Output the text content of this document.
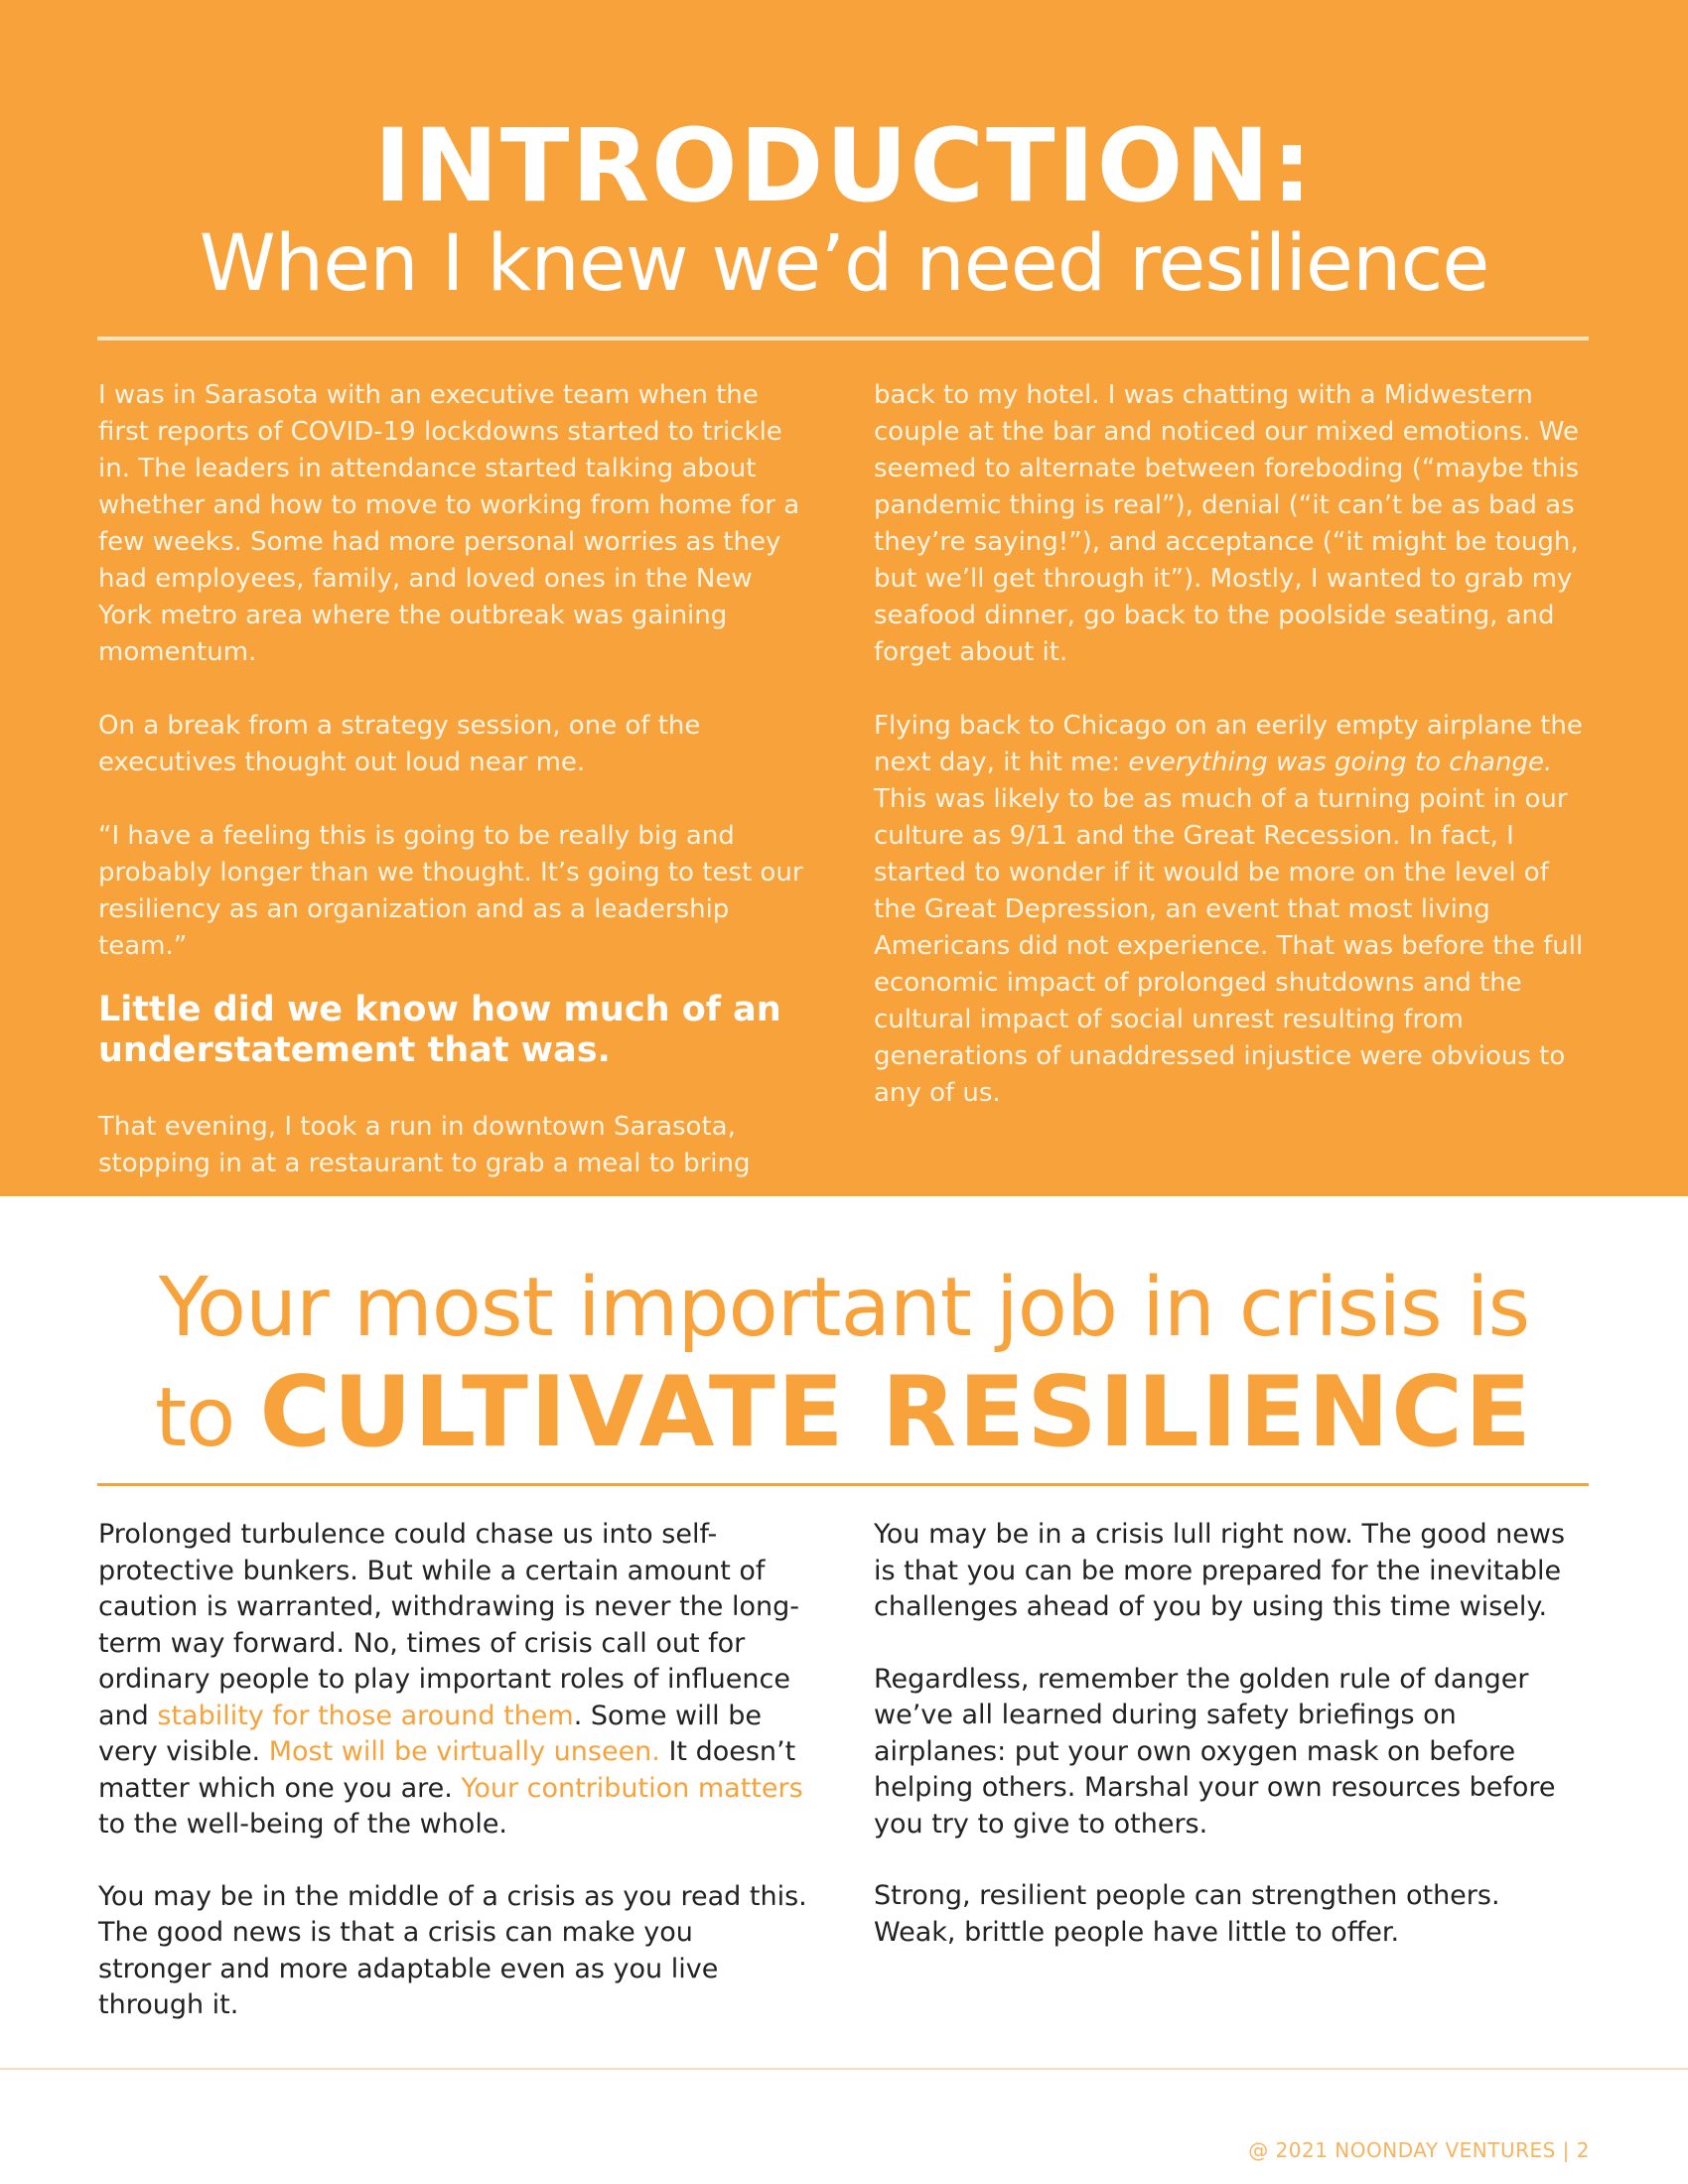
INTRODUCTION:
When I knew we’d need resilience

I was in Sarasota with an executive team when the first reports of COVID-19 lockdowns started to trickle in. The leaders in attendance started talking about whether and how to move to working from home for a few weeks. Some had more personal worries as they had employees, family, and loved ones in the New York metro area where the outbreak was gaining momentum.

On a break from a strategy session, one of the executives thought out loud near me.

“I have a feeling this is going to be really big and probably longer than we thought. It’s going to test our resiliency as an organization and as a leadership team.”

Little did we know how much of an understatement that was.

That evening, I took a run in downtown Sarasota, stopping in at a restaurant to grab a meal to bring

back to my hotel. I was chatting with a Midwestern couple at the bar and noticed our mixed emotions. We seemed to alternate between foreboding (“maybe this pandemic thing is real”), denial (“it can’t be as bad as they’re saying!”), and acceptance (“it might be tough, but we’ll get through it”). Mostly, I wanted to grab my seafood dinner, go back to the poolside seating, and forget about it.

Flying back to Chicago on an eerily empty airplane the next day, it hit me: everything was going to change. This was likely to be as much of a turning point in our culture as 9/11 and the Great Recession. In fact, I started to wonder if it would be more on the level of the Great Depression, an event that most living Americans did not experience. That was before the full economic impact of prolonged shutdowns and the cultural impact of social unrest resulting from generations of unaddressed injustice were obvious to any of us.

Your most important job in crisis is
to CULTIVATE RESILIENCE

Prolonged turbulence could chase us into self-protective bunkers. But while a certain amount of caution is warranted, withdrawing is never the long-term way forward. No, times of crisis call out for ordinary people to play important roles of influence and stability for those around them. Some will be very visible. Most will be virtually unseen. It doesn’t matter which one you are. Your contribution matters to the well-being of the whole.

You may be in the middle of a crisis as you read this. The good news is that a crisis can make you stronger and more adaptable even as you live through it.

You may be in a crisis lull right now. The good news is that you can be more prepared for the inevitable challenges ahead of you by using this time wisely.

Regardless, remember the golden rule of danger we’ve all learned during safety briefings on airplanes: put your own oxygen mask on before helping others. Marshal your own resources before you try to give to others.

Strong, resilient people can strengthen others. Weak, brittle people have little to offer.

@ 2021 NOONDAY VENTURES | 2
